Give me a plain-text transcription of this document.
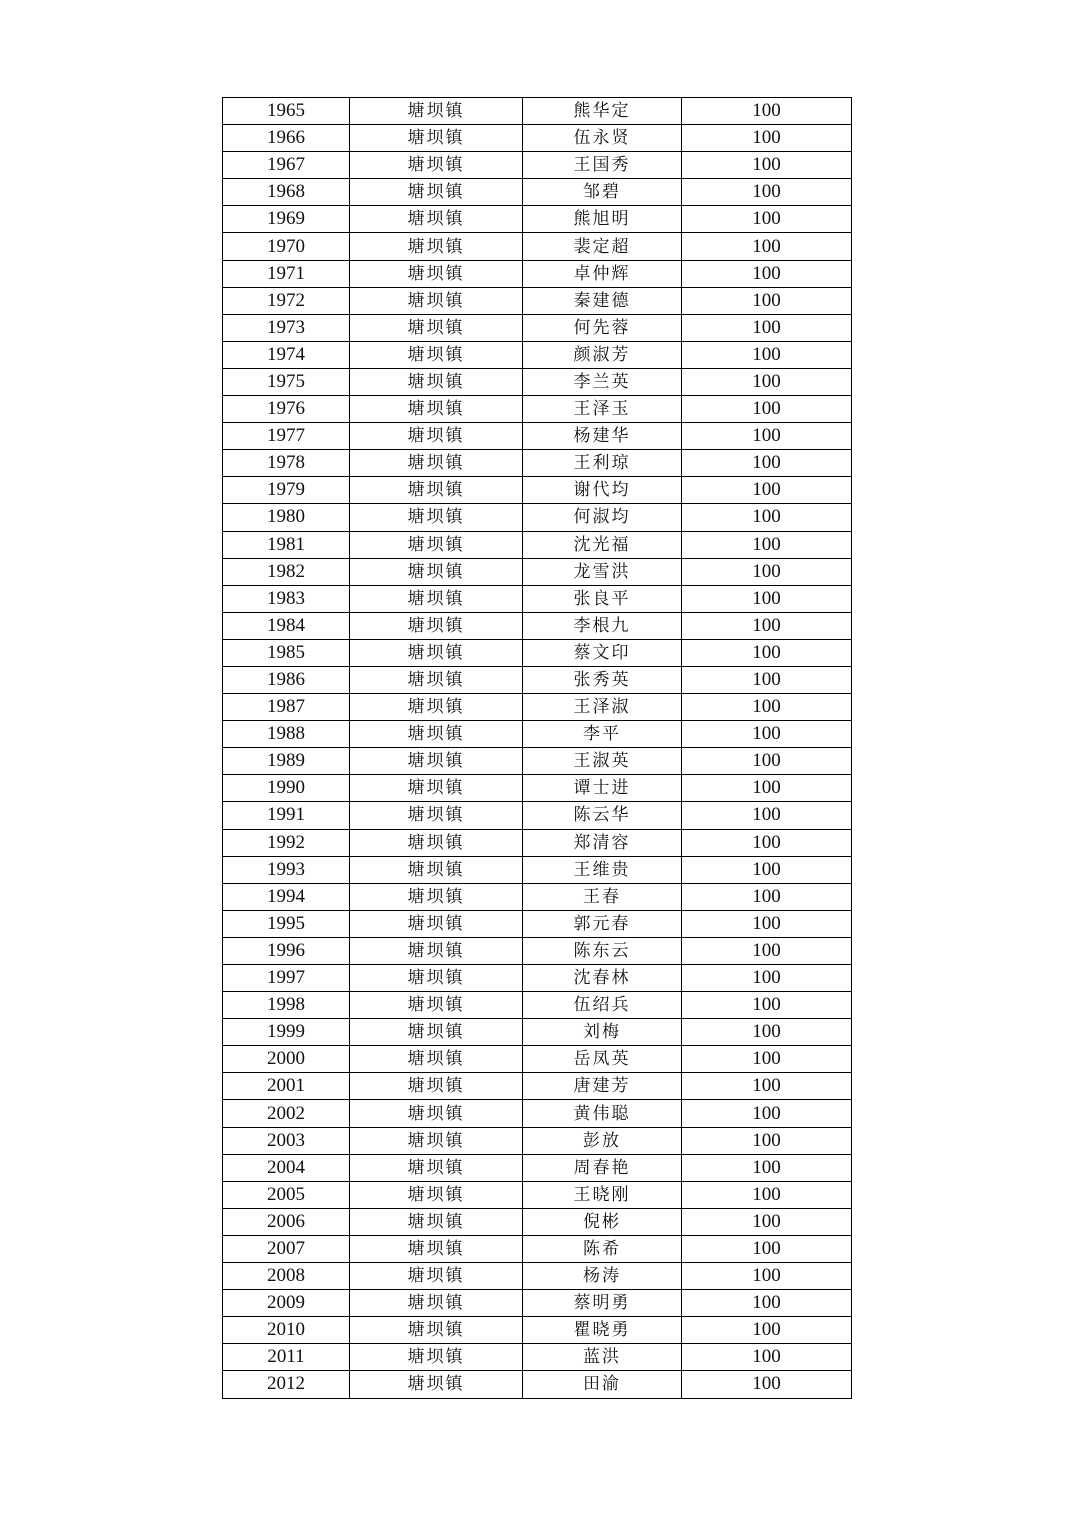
1965	塘坝镇	熊华定	100
1966	塘坝镇	伍永贤	100
1967	塘坝镇	王国秀	100
1968	塘坝镇	邹碧	100
1969	塘坝镇	熊旭明	100
1970	塘坝镇	裴定超	100
1971	塘坝镇	卓仲辉	100
1972	塘坝镇	秦建德	100
1973	塘坝镇	何先蓉	100
1974	塘坝镇	颜淑芳	100
1975	塘坝镇	李兰英	100
1976	塘坝镇	王泽玉	100
1977	塘坝镇	杨建华	100
1978	塘坝镇	王利琼	100
1979	塘坝镇	谢代均	100
1980	塘坝镇	何淑均	100
1981	塘坝镇	沈光福	100
1982	塘坝镇	龙雪洪	100
1983	塘坝镇	张良平	100
1984	塘坝镇	李根九	100
1985	塘坝镇	蔡文印	100
1986	塘坝镇	张秀英	100
1987	塘坝镇	王泽淑	100
1988	塘坝镇	李平	100
1989	塘坝镇	王淑英	100
1990	塘坝镇	谭士进	100
1991	塘坝镇	陈云华	100
1992	塘坝镇	郑清容	100
1993	塘坝镇	王维贵	100
1994	塘坝镇	王春	100
1995	塘坝镇	郭元春	100
1996	塘坝镇	陈东云	100
1997	塘坝镇	沈春林	100
1998	塘坝镇	伍绍兵	100
1999	塘坝镇	刘梅	100
2000	塘坝镇	岳凤英	100
2001	塘坝镇	唐建芳	100
2002	塘坝镇	黄伟聪	100
2003	塘坝镇	彭放	100
2004	塘坝镇	周春艳	100
2005	塘坝镇	王晓刚	100
2006	塘坝镇	倪彬	100
2007	塘坝镇	陈希	100
2008	塘坝镇	杨涛	100
2009	塘坝镇	蔡明勇	100
2010	塘坝镇	瞿晓勇	100
2011	塘坝镇	蓝洪	100
2012	塘坝镇	田渝	100
